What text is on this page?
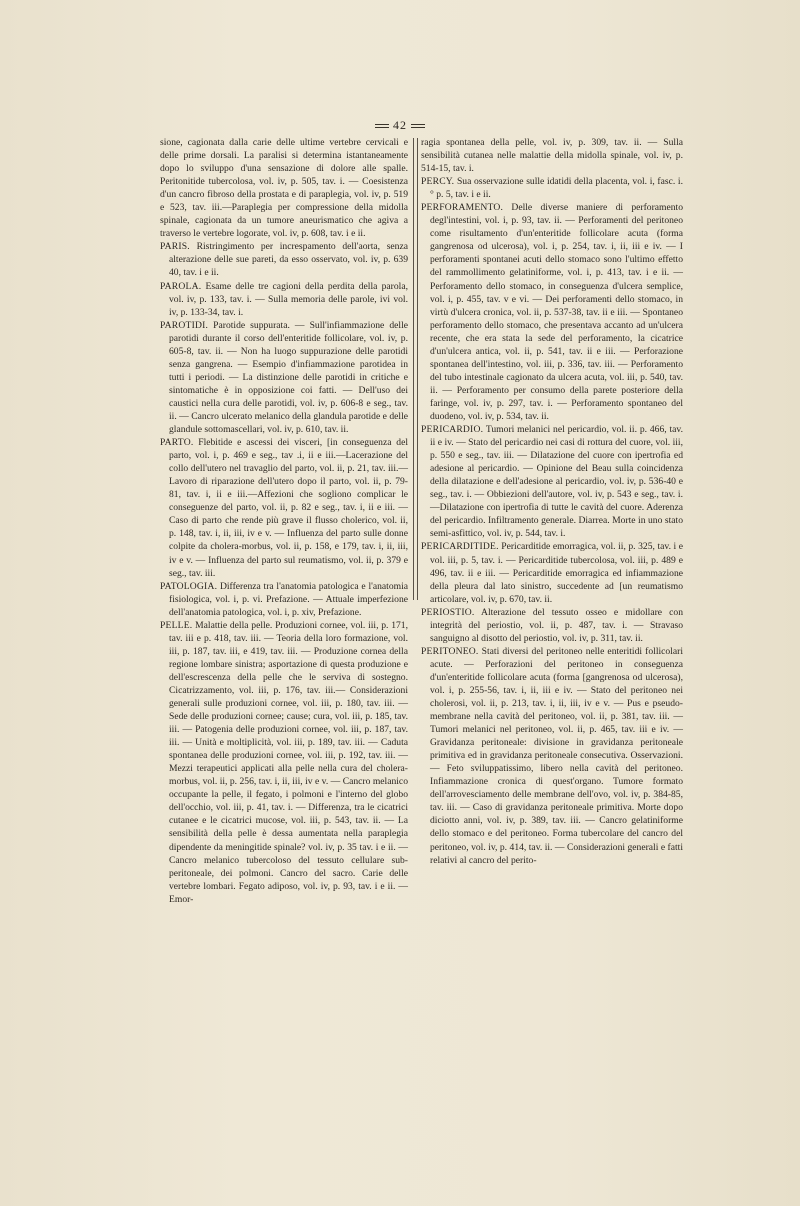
42

sione, cagionata dalla carie delle ultime vertebre cervicali e delle prime dorsali. La paralisi si determina istantaneamente dopo lo sviluppo d'una sensazione di dolore alle spalle. Peritonitide tubercolosa, vol. iv, p. 505, tav. i. — Coesistenza d'un cancro fibroso della prostata e di paraplegia, vol. iv, p. 519 e 523, tav. iii.—Paraplegia per compressione della midolla spinale, cagionata da un tumore aneurismatico che agiva a traverso le vertebre logorate, vol. iv, p. 608, tav. i e ii.

PARIS. Ristringimento per increspamento dell'aorta, senza alterazione delle sue pareti, da esso osservato, vol. iv, p. 639 40, tav. i e ii.

PAROLA. Esame delle tre cagioni della perdita della parola, vol. iv, p. 133, tav. i. — Sulla memoria delle parole, ivi vol. iv, p. 133-34, tav. i.

PAROTIDI. Parotide suppurata. — Sull'infiammazione delle parotidi durante il corso dell'enteritide follicolare, vol. iv, p. 605-8, tav. ii. — Non ha luogo suppurazione delle parotidi senza gangrena. — Esempio d'infiammazione parotidea in tutti i periodi. — La distinzione delle parotidi in critiche e sintomatiche è in opposizione coi fatti. — Dell'uso dei caustici nella cura delle parotidi, vol. iv, p. 606-8 e seg., tav. ii. — Cancro ulcerato melanico della glandula parotide e delle glandule sottomascellari, vol. iv, p. 610, tav. ii.

PARTO. Flebitide e ascessi dei visceri, [in conseguenza del parto, vol. i, p. 469 e seg., tav .i, ii e iii.—Lacerazione del collo dell'utero nel travaglio del parto, vol. ii, p. 21, tav. iii.—Lavoro di riparazione dell'utero dopo il parto, vol. ii, p. 79-81, tav. i, ii e iii.—Affezioni che sogliono complicar le conseguenze del parto, vol. ii, p. 82 e seg., tav. i, ii e iii. — Caso di parto che rende più grave il flusso cholerico, vol. ii, p. 148, tav. i, ii, iii, iv e v. — Influenza del parto sulle donne colpite da cholera-morbus, vol. ii, p. 158, e 179, tav. i, ii, iii, iv e v. — Influenza del parto sul reumatismo, vol. ii, p. 379 e seg., tav. iii.

PATOLOGIA. Differenza tra l'anatomia patologica e l'anatomia fisiologica, vol. i, p. vi. Prefazione. — Attuale imperfezione dell'anatomia patologica, vol. i, p. xiv, Prefazione.

PELLE. Malattie della pelle. Produzioni cornee, vol. iii, p. 171, tav. iii e p. 418, tav. iii. — Teoria della loro formazione, vol. iii, p. 187, tav. iii, e 419, tav. iii. — Produzione cornea della regione lombare sinistra; asportazione di questa produzione e dell'escrescenza della pelle che le serviva di sostegno. Cicatrizzamento, vol. iii, p. 176, tav. iii.— Considerazioni generali sulle produzioni cornee, vol. iii, p. 180, tav. iii. — Sede delle produzioni cornee; cause; cura, vol. iii, p. 185, tav. iii. — Patogenia delle produzioni cornee, vol. iii, p. 187, tav. iii. — Unità e moltiplicità, vol. iii, p. 189, tav. iii. — Caduta spontanea delle produzioni cornee, vol. iii, p. 192, tav. iii. — Mezzi terapeutici applicati alla pelle nella cura del cholera-morbus, vol. ii, p. 256, tav. i, ii, iii, iv e v. — Cancro melanico occupante la pelle, il fegato, i polmoni e l'interno del globo dell'occhio, vol. iii, p. 41, tav. i. — Differenza, tra le cicatrici cutanee e le cicatrici mucose, vol. iii, p. 543, tav. ii. — La sensibilità della pelle è dessa aumentata nella paraplegia dipendente da meningitide spinale? vol. iv, p. 35 tav. i e ii. — Cancro melanico tubercoloso del tessuto cellulare sub-peritoneale, dei polmoni. Cancro del sacro. Carie delle vertebre lombari. Fegato adiposo, vol. iv, p. 93, tav. i e ii. — Emor-

ragia spontanea della pelle, vol. iv, p. 309, tav. ii. — Sulla sensibilità cutanea nelle malattie della midolla spinale, vol. iv, p. 514-15, tav. i.

PERCY. Sua osservazione sulle idatidi della placenta, vol. i, fasc. i.° p. 5, tav. i e ii.

PERFORAMENTO. Delle diverse maniere di perforamento degl'intestini, vol. i, p. 93, tav. ii. — Perforamenti del peritoneo come risultamento d'un'enteritide follicolare acuta (forma gangrenosa od ulcerosa), vol. i, p. 254, tav. i, ii, iii e iv. — I perforamenti spontanei acuti dello stomaco sono l'ultimo effetto del rammollimento gelatiniforme, vol. i, p. 413, tav. i e ii. — Perforamento dello stomaco, in conseguenza d'ulcera semplice, vol. i, p. 455, tav. v e vi. — Dei perforamenti dello stomaco, in virtù d'ulcera cronica, vol. ii, p. 537-38, tav. ii e iii. — Spontaneo perforamento dello stomaco, che presentava accanto ad un'ulcera recente, che era stata la sede del perforamento, la cicatrice d'un'ulcera antica, vol. ii, p. 541, tav. ii e iii. — Perforazione spontanea dell'intestino, vol. iii, p. 336, tav. iii. — Perforamento del tubo intestinale cagionato da ulcera acuta, vol. iii, p. 540, tav. ii. — Perforamento per consumo della parete posteriore della faringe, vol. iv, p. 297, tav. i. — Perforamento spontaneo del duodeno, vol. iv, p. 534, tav. ii.

PERICARDIO. Tumori melanici nel pericardio, vol. ii. p. 466, tav. ii e iv. — Stato del pericardio nei casi di rottura del cuore, vol. iii, p. 550 e seg., tav. iii. — Dilatazione del cuore con ipertrofia ed adesione al pericardio. — Opinione del Beau sulla coincidenza della dilatazione e dell'adesione al pericardio, vol. iv, p. 536-40 e seg., tav. i. — Obbiezioni dell'autore, vol. iv, p. 543 e seg., tav. i.—Dilatazione con ipertrofia di tutte le cavità del cuore. Aderenza del pericardio. Infiltramento generale. Diarrea. Morte in uno stato semi-asfittico, vol. iv, p. 544, tav. i.

PERICARDITIDE. Pericarditide emorragica, vol. ii, p. 325, tav. i e vol. iii, p. 5, tav. i. — Pericarditide tubercolosa, vol. iii, p. 489 e 496, tav. ii e iii. — Pericarditide emorragica ed infiammazione della pleura dal lato sinistro, succedente ad [un reumatismo articolare, vol. iv, p. 670, tav. ii.

PERIOSTIO. Alterazione del tessuto osseo e midollare con integrità del periostio, vol. ii, p. 487, tav. i. — Stravaso sanguigno al disotto del periostio, vol. iv, p. 311, tav. ii.

PERITONEO. Stati diversi del peritoneo nelle enteritidi follicolari acute. — Perforazioni del peritoneo in conseguenza d'un'enteritide follicolare acuta (forma [gangrenosa od ulcerosa), vol. i, p. 255-56, tav. i, ii, iii e iv. — Stato del peritoneo nei cholerosi, vol. ii, p. 213, tav. i, ii, iii, iv e v. — Pus e pseudo-membrane nella cavità del peritoneo, vol. ii, p. 381, tav. iii. — Tumori melanici nel peritoneo, vol. ii, p. 465, tav. iii e iv. — Gravidanza peritoneale: divisione in gravidanza peritoneale primitiva ed in gravidanza peritoneale consecutiva. Osservazioni. — Feto sviluppatissimo, libero nella cavità del peritoneo. Infiammazione cronica di quest'organo. Tumore formato dell'arrovesciamento delle membrane dell'ovo, vol. iv, p. 384-85, tav. iii. — Caso di gravidanza peritoneale primitiva. Morte dopo diciotto anni, vol. iv, p. 389, tav. iii. — Cancro gelatiniforme dello stomaco e del peritoneo. Forma tubercolare del cancro del peritoneo, vol. iv, p. 414, tav. ii. — Considerazioni generali e fatti relativi al cancro del perito-
